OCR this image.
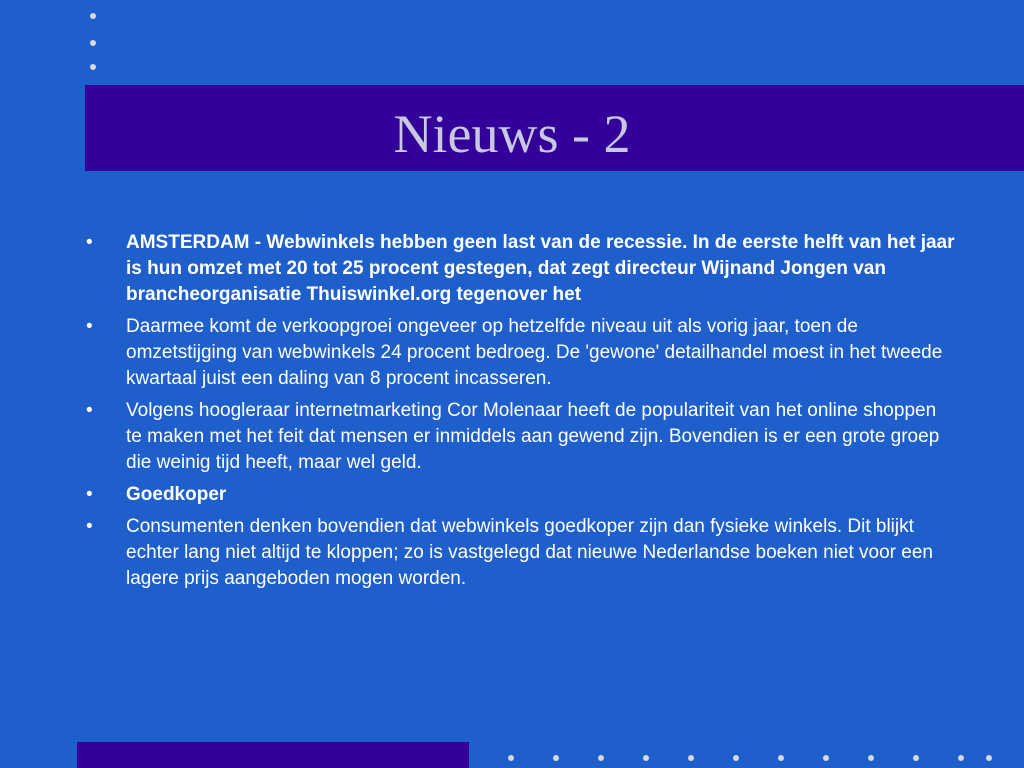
Nieuws - 2
• AMSTERDAM - Webwinkels hebben geen last van de recessie. In de eerste helft van het jaar is hun omzet met 20 tot 25 procent gestegen, dat zegt directeur Wijnand Jongen van brancheorganisatie Thuiswinkel.org tegenover het
• Daarmee komt de verkoopgroei ongeveer op hetzelfde niveau uit als vorig jaar, toen de omzetstijging van webwinkels 24 procent bedroeg. De 'gewone' detailhandel moest in het tweede kwartaal juist een daling van 8 procent incasseren.
• Volgens hoogleraar internetmarketing Cor Molenaar heeft de populariteit van het online shoppen te maken met het feit dat mensen er inmiddels aan gewend zijn. Bovendien is er een grote groep die weinig tijd heeft, maar wel geld.
• Goedkoper
• Consumenten denken bovendien dat webwinkels goedkoper zijn dan fysieke winkels. Dit blijkt echter lang niet altijd te kloppen; zo is vastgelegd dat nieuwe Nederlandse boeken niet voor een lagere prijs aangeboden mogen worden.
